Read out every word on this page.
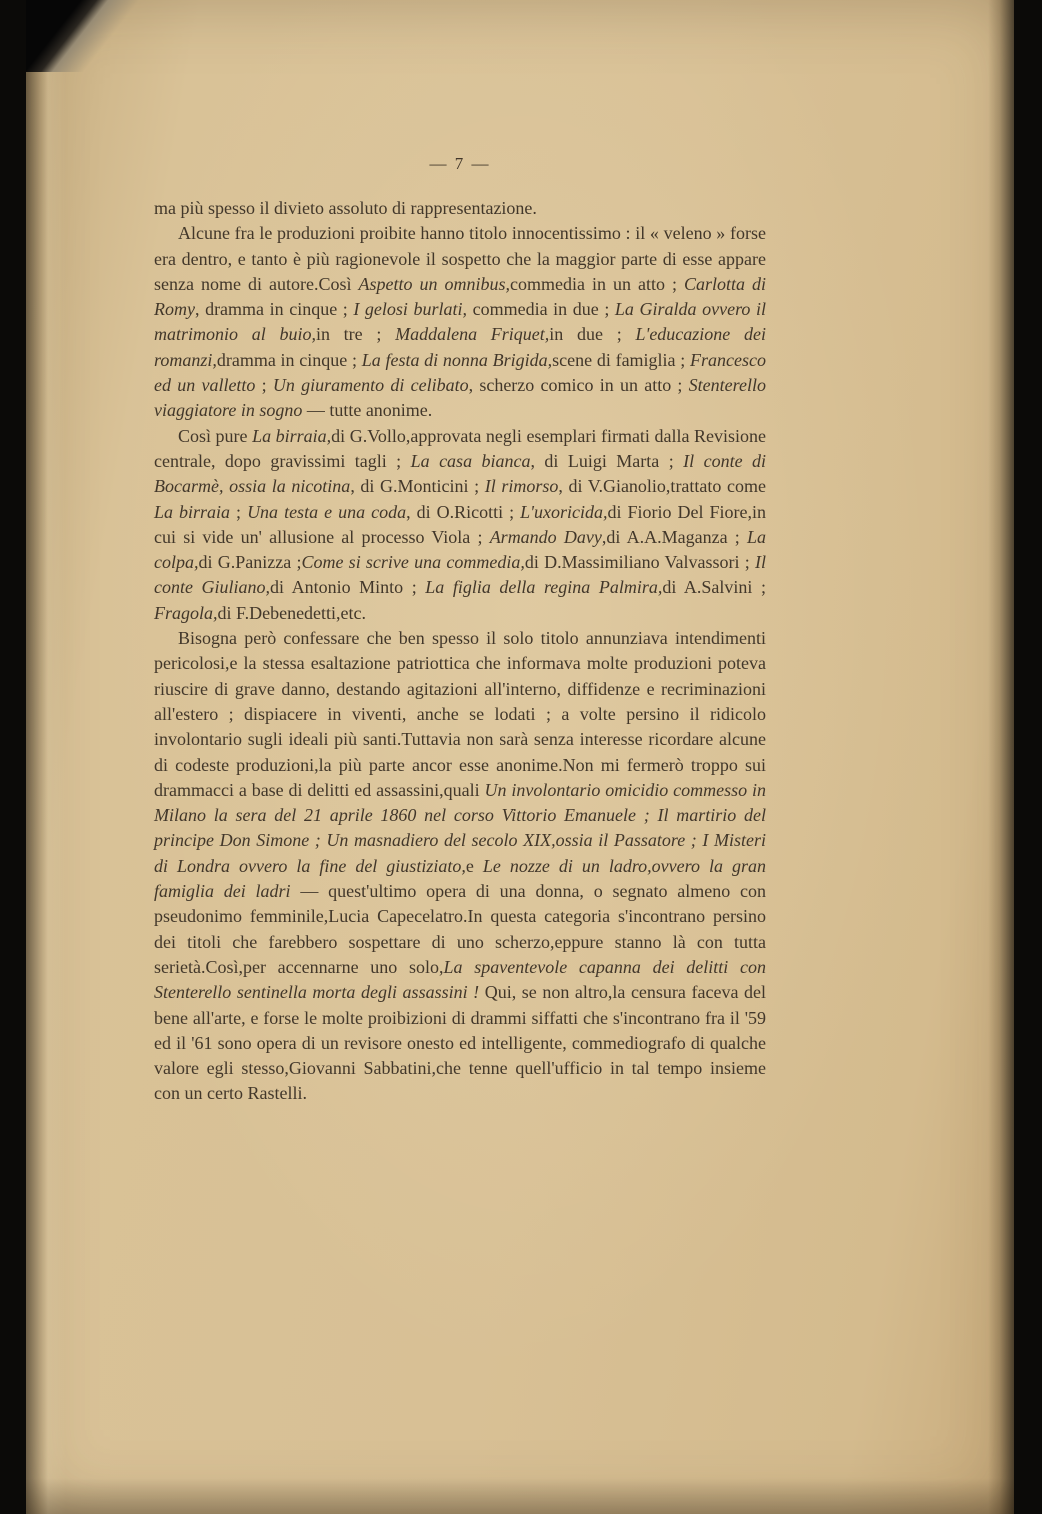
— 7 —

ma più spesso il divieto assoluto di rappresentazione.

Alcune fra le produzioni proibite hanno titolo innocentissimo : il « veleno » forse era dentro, e tanto è più ragionevole il sospetto che la maggior parte di esse appare senza nome di autore.Così Aspetto un omnibus,commedia in un atto ; Carlotta di Romy, dramma in cinque ; I gelosi burlati, commedia in due ; La Giralda ovvero il matrimonio al buio,in tre ; Maddalena Friquet,in due ; L'educazione dei romanzi,dramma in cinque ; La festa di nonna Brigida,scene di famiglia ; Francesco ed un valletto ; Un giuramento di celibato, scherzo comico in un atto ; Stenterello viaggiatore in sogno — tutte anonime.

Così pure La birraia,di G.Vollo,approvata negli esemplari firmati dalla Revisione centrale, dopo gravissimi tagli ; La casa bianca, di Luigi Marta ; Il conte di Bocarmè, ossia la nicotina, di G.Monticini ; Il rimorso, di V.Gianolio,trattato come La birraia ; Una testa e una coda, di O.Ricotti ; L'uxoricida,di Fiorio Del Fiore,in cui si vide un' allusione al processo Viola ; Armando Davy,di A.A.Maganza ; La colpa,di G.Panizza ;Come si scrive una commedia,di D.Massimiliano Valvassori ; Il conte Giuliano,di Antonio Minto ; La figlia della regina Palmira,di A.Salvini ; Fragola,di F.Debenedetti,etc.

Bisogna però confessare che ben spesso il solo titolo annunziava intendimenti pericolosi,e la stessa esaltazione patriottica che informava molte produzioni poteva riuscire di grave danno, destando agitazioni all'interno, diffidenze e recriminazioni all'estero ; dispiacere in viventi, anche se lodati ; a volte persino il ridicolo involontario sugli ideali più santi.Tuttavia non sarà senza interesse ricordare alcune di codeste produzioni,la più parte ancor esse anonime.Non mi fermerò troppo sui drammacci a base di delitti ed assassini,quali Un involontario omicidio commesso in Milano la sera del 21 aprile 1860 nel corso Vittorio Emanuele ; Il martirio del principe Don Simone ; Un masnadiero del secolo XIX,ossia il Passatore ; I Misteri di Londra ovvero la fine del giustiziato,e Le nozze di un ladro,ovvero la gran famiglia dei ladri — quest'ultimo opera di una donna, o segnato almeno con pseudonimo femminile,Lucia Capecelatro.In questa categoria s'incontrano persino dei titoli che farebbero sospettare di uno scherzo,eppure stanno là con tutta serietà.Così,per accennarne uno solo,La spaventevole capanna dei delitti con Stenterello sentinella morta degli assassini ! Qui, se non altro,la censura faceva del bene all'arte, e forse le molte proibizioni di drammi siffatti che s'incontrano fra il '59 ed il '61 sono opera di un revisore onesto ed intelligente, commediografo di qualche valore egli stesso,Giovanni Sabbatini,che tenne quell'ufficio in tal tempo insieme con un certo Rastelli.
